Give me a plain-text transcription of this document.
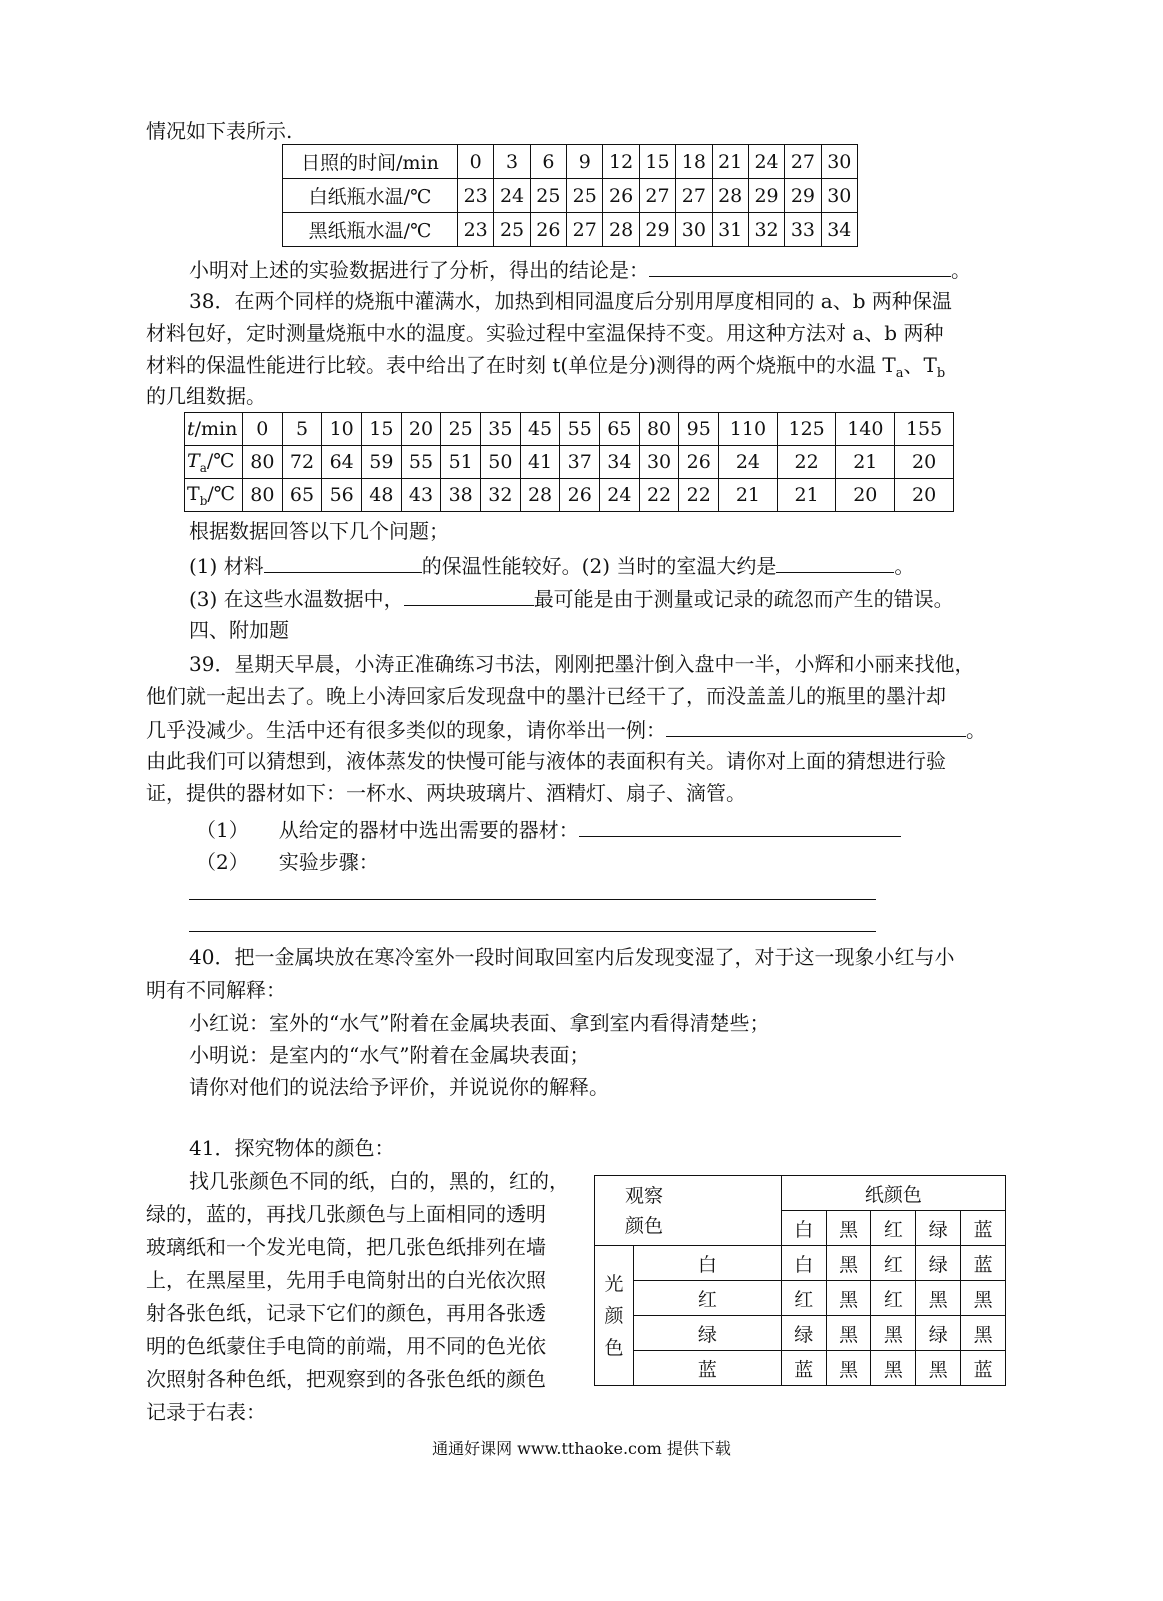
情况如下表所示.
日照的时间/min	0	3	6	9	12	15	18	21	24	27	30
白纸瓶水温/℃	23	24	25	25	26	27	27	28	29	29	30
黑纸瓶水温/℃	23	25	26	27	28	29	30	31	32	33	34
小明对上述的实验数据进行了分析，得出的结论是：	。
38．在两个同样的烧瓶中灌满水，加热到相同温度后分别用厚度相同的 a、b 两种保温
材料包好，定时测量烧瓶中水的温度。实验过程中室温保持不变。用这种方法对 a、b 两种
材料的保温性能进行比较。表中给出了在时刻 t(单位是分)测得的两个烧瓶中的水温 $T_a$、$T_b$
的几组数据。
t/min	0	5	10	15	20	25	35	45	55	65	80	95	110	125	140	155
$T_a/℃$	80	72	64	59	55	51	50	41	37	34	30	26	24	22	21	20
$T_b/℃$	80	65	56	48	43	38	32	28	26	24	22	22	21	21	20	20
根据数据回答以下几个问题；
(1) 材料	的保温性能较好。(2) 当时的室温大约是	。
(3) 在这些水温数据中，	最可能是由于测量或记录的疏忽而产生的错误。
四、附加题
39．星期天早晨，小涛正准确练习书法，刚刚把墨汁倒入盘中一半，小辉和小丽来找他，
他们就一起出去了。晚上小涛回家后发现盘中的墨汁已经干了，而没盖盖儿的瓶里的墨汁却
几乎没减少。生活中还有很多类似的现象，请你举出一例：	。
由此我们可以猜想到，液体蒸发的快慢可能与液体的表面积有关。请你对上面的猜想进行验
证，提供的器材如下：一杯水、两块玻璃片、酒精灯、扇子、滴管。
（1） 从给定的器材中选出需要的器材：
（2） 实验步骤：
40．把一金属块放在寒冷室外一段时间取回室内后发现变湿了，对于这一现象小红与小
明有不同解释：
小红说：室外的“水气”附着在金属块表面、拿到室内看得清楚些；
小明说：是室内的“水气”附着在金属块表面；
请你对他们的说法给予评价，并说说你的解释。
41．探究物体的颜色：
找几张颜色不同的纸，白的，黑的，红的，
绿的，蓝的，再找几张颜色与上面相同的透明
玻璃纸和一个发光电筒，把几张色纸排列在墙
上，在黑屋里，先用手电筒射出的白光依次照
射各张色纸，记录下它们的颜色，再用各张透
明的色纸蒙住手电筒的前端，用不同的色光依
次照射各种色纸，把观察到的各张色纸的颜色
记录于右表：
观察
颜色		纸颜色				
		白	黑	红	绿	蓝

光
颜
色	白	白	黑	红	绿	蓝
	红	红	黑	红	黑	黑
	绿	绿	黑	黑	绿	黑
	蓝	蓝	黑	黑	黑	蓝
通通好课网 www.tthaoke.com 提供下载
